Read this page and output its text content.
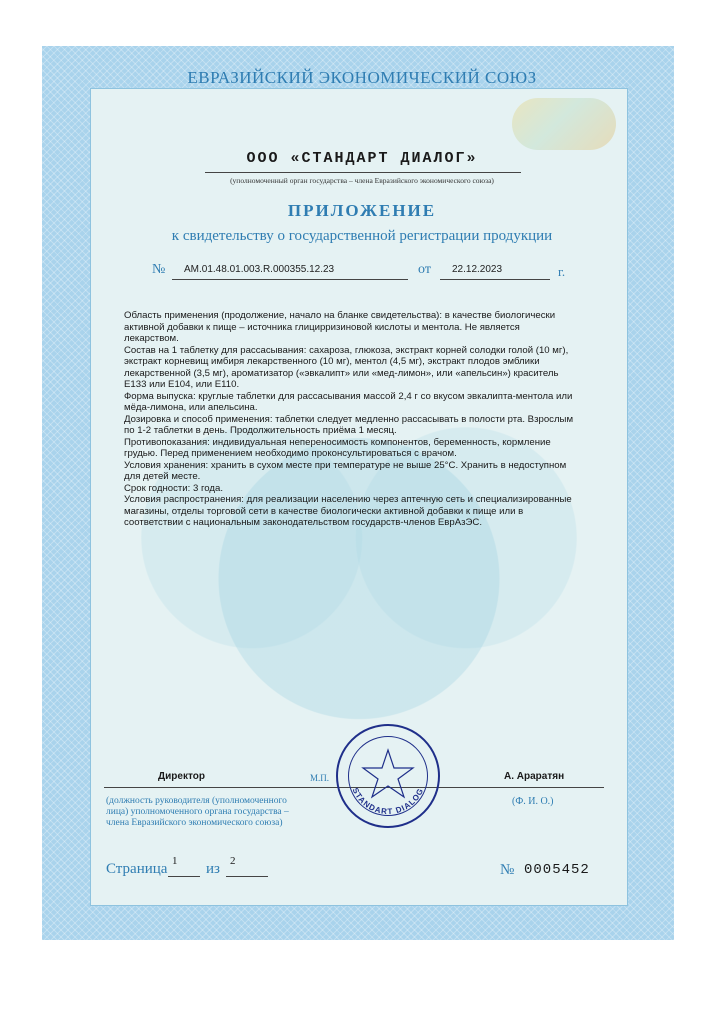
ЕВРАЗИЙСКИЙ ЭКОНОМИЧЕСКИЙ СОЮЗ
ООО «СТАНДАРТ ДИАЛОГ»
(уполномоченный орган государства – члена Евразийского экономического союза)
ПРИЛОЖЕНИЕ
к свидетельству о государственной регистрации продукции
№ AM.01.48.01.003.R.000355.12.23	от 22.12.2023	г.

Область применения (продолжение, начало на бланке свидетельства): в качестве биологически активной добавки к пище – источника глицирризиновой кислоты и ментола. Не является лекарством.

Состав на 1 таблетку для рассасывания: сахароза, глюкоза, экстракт корней солодки голой (10 мг), экстракт корневищ имбиря лекарственного (10 мг), ментол (4,5 мг), экстракт плодов эмблики лекарственной (3,5 мг), ароматизатор («эвкалипт» или «мед-лимон», или «апельсин») краситель Е133 или Е104, или Е110.

Форма выпуска: круглые таблетки для рассасывания массой 2,4 г со вкусом эвкалипта-ментола или мёда-лимона, или апельсина.

Дозировка и способ применения: таблетки следует медленно рассасывать в полости рта. Взрослым по 1-2 таблетки в день. Продолжительность приёма 1 месяц.

Противопоказания: индивидуальная непереносимость компонентов, беременность, кормление грудью. Перед применением необходимо проконсультироваться с врачом.

Условия хранения: хранить в сухом месте при температуре не выше 25°С. Хранить в недоступном для детей месте.

Срок годности: 3 года.

Условия распространения: для реализации населению через аптечную сеть и специализированные магазины, отделы торговой сети в качестве биологически активной добавки к пище или в соответствии с национальным законодательством государств-членов ЕврАзЭС.

Директор	М.П.	А. Араратян
(должность руководителя (уполномоченного лица) уполномоченного органа государства – члена Евразийского экономического союза)
(Ф. И. О.)
STANDART DIALOG
Страница 1 из 2
№ 0005452
